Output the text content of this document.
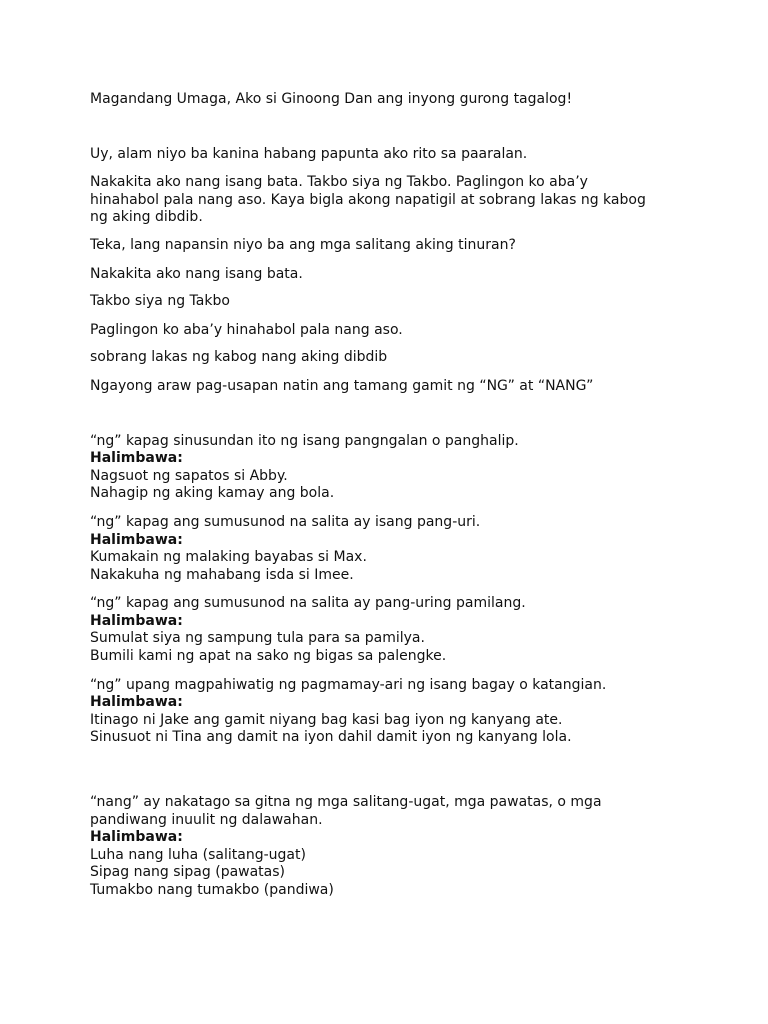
Magandang Umaga, Ako si Ginoong Dan ang inyong gurong tagalog!

Uy, alam niyo ba kanina habang papunta ako rito sa paaralan.

Nakakita ako nang isang bata. Takbo siya ng Takbo. Paglingon ko aba’y hinahabol pala nang aso. Kaya bigla akong napatigil at sobrang lakas ng kabog ng aking dibdib.

Teka, lang napansin niyo ba ang mga salitang aking tinuran?

Nakakita ako nang isang bata.

Takbo siya ng Takbo

Paglingon ko aba’y hinahabol pala nang aso.

sobrang lakas ng kabog nang aking dibdib

Ngayong araw pag-usapan natin ang tamang gamit ng “NG” at “NANG”

“ng” kapag sinusundan ito ng isang pangngalan o panghalip.
Halimbawa:
Nagsuot ng sapatos si Abby.
Nahagip ng aking kamay ang bola.
“ng” kapag ang sumusunod na salita ay isang pang-uri.
Halimbawa:
Kumakain ng malaking bayabas si Max.
Nakakuha ng mahabang isda si Imee.
“ng” kapag ang sumusunod na salita ay pang-uring pamilang.
Halimbawa:
Sumulat siya ng sampung tula para sa pamilya.
Bumili kami ng apat na sako ng bigas sa palengke.
“ng” upang magpahiwatig ng pagmamay-ari ng isang bagay o katangian.
Halimbawa:
Itinago ni Jake ang gamit niyang bag kasi bag iyon ng kanyang ate.
Sinusuot ni Tina ang damit na iyon dahil damit iyon ng kanyang lola.
“nang” ay nakatago sa gitna ng mga salitang-ugat, mga pawatas, o mga pandiwang inuulit ng dalawahan.
Halimbawa:
Luha nang luha (salitang-ugat)
Sipag nang sipag (pawatas)
Tumakbo nang tumakbo (pandiwa)
